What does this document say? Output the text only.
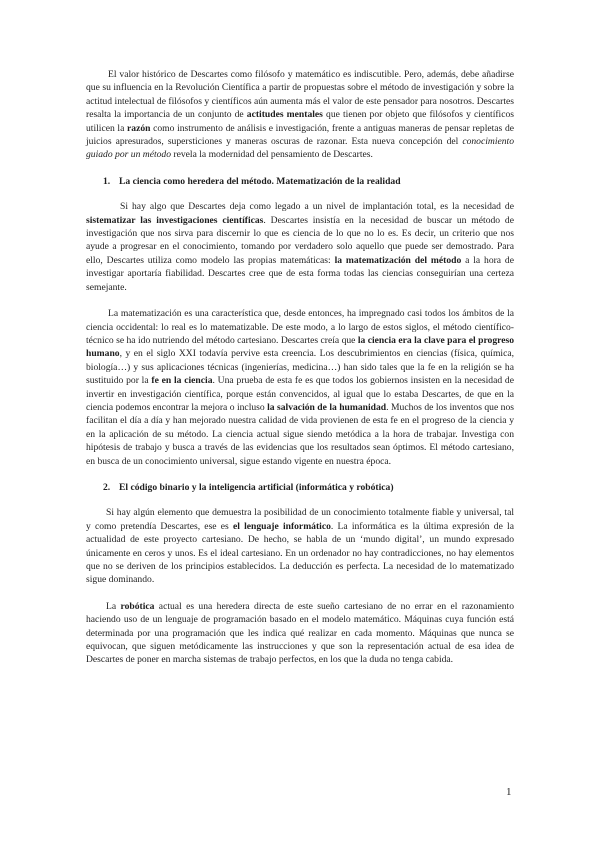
El valor histórico de Descartes como filósofo y matemático es indiscutible. Pero, además, debe añadirse que su influencia en la Revolución Científica a partir de propuestas sobre el método de investigación y sobre la actitud intelectual de filósofos y científicos aún aumenta más el valor de este pensador para nosotros. Descartes resalta la importancia de un conjunto de actitudes mentales que tienen por objeto que filósofos y científicos utilicen la razón como instrumento de análisis e investigación, frente a antiguas maneras de pensar repletas de juicios apresurados, supersticiones y maneras oscuras de razonar. Esta nueva concepción del conocimiento guiado por un método revela la modernidad del pensamiento de Descartes.

1. La ciencia como heredera del método. Matematización de la realidad

Si hay algo que Descartes deja como legado a un nivel de implantación total, es la necesidad de sistematizar las investigaciones científicas. Descartes insistía en la necesidad de buscar un método de investigación que nos sirva para discernir lo que es ciencia de lo que no lo es. Es decir, un criterio que nos ayude a progresar en el conocimiento, tomando por verdadero solo aquello que puede ser demostrado. Para ello, Descartes utiliza como modelo las propias matemáticas: la matematización del método a la hora de investigar aportaría fiabilidad. Descartes cree que de esta forma todas las ciencias conseguirían una certeza semejante.

La matematización es una característica que, desde entonces, ha impregnado casi todos los ámbitos de la ciencia occidental: lo real es lo matematizable. De este modo, a lo largo de estos siglos, el método científico-técnico se ha ido nutriendo del método cartesiano. Descartes creía que la ciencia era la clave para el progreso humano, y en el siglo XXI todavía pervive esta creencia. Los descubrimientos en ciencias (física, química, biología…) y sus aplicaciones técnicas (ingenierías, medicina…) han sido tales que la fe en la religión se ha sustituido por la fe en la ciencia. Una prueba de esta fe es que todos los gobiernos insisten en la necesidad de invertir en investigación científica, porque están convencidos, al igual que lo estaba Descartes, de que en la ciencia podemos encontrar la mejora o incluso la salvación de la humanidad. Muchos de los inventos que nos facilitan el día a día y han mejorado nuestra calidad de vida provienen de esta fe en el progreso de la ciencia y en la aplicación de su método. La ciencia actual sigue siendo metódica a la hora de trabajar. Investiga con hipótesis de trabajo y busca a través de las evidencias que los resultados sean óptimos. El método cartesiano, en busca de un conocimiento universal, sigue estando vigente en nuestra época.

2. El código binario y la inteligencia artificial (informática y robótica)

Si hay algún elemento que demuestra la posibilidad de un conocimiento totalmente fiable y universal, tal y como pretendía Descartes, ese es el lenguaje informático. La informática es la última expresión de la actualidad de este proyecto cartesiano. De hecho, se habla de un ‘mundo digital’, un mundo expresado únicamente en ceros y unos. Es el ideal cartesiano. En un ordenador no hay contradicciones, no hay elementos que no se deriven de los principios establecidos. La deducción es perfecta. La necesidad de lo matematizado sigue dominando.

La robótica actual es una heredera directa de este sueño cartesiano de no errar en el razonamiento haciendo uso de un lenguaje de programación basado en el modelo matemático. Máquinas cuya función está determinada por una programación que les indica qué realizar en cada momento. Máquinas que nunca se equivocan, que siguen metódicamente las instrucciones y que son la representación actual de esa idea de Descartes de poner en marcha sistemas de trabajo perfectos, en los que la duda no tenga cabida.

1
